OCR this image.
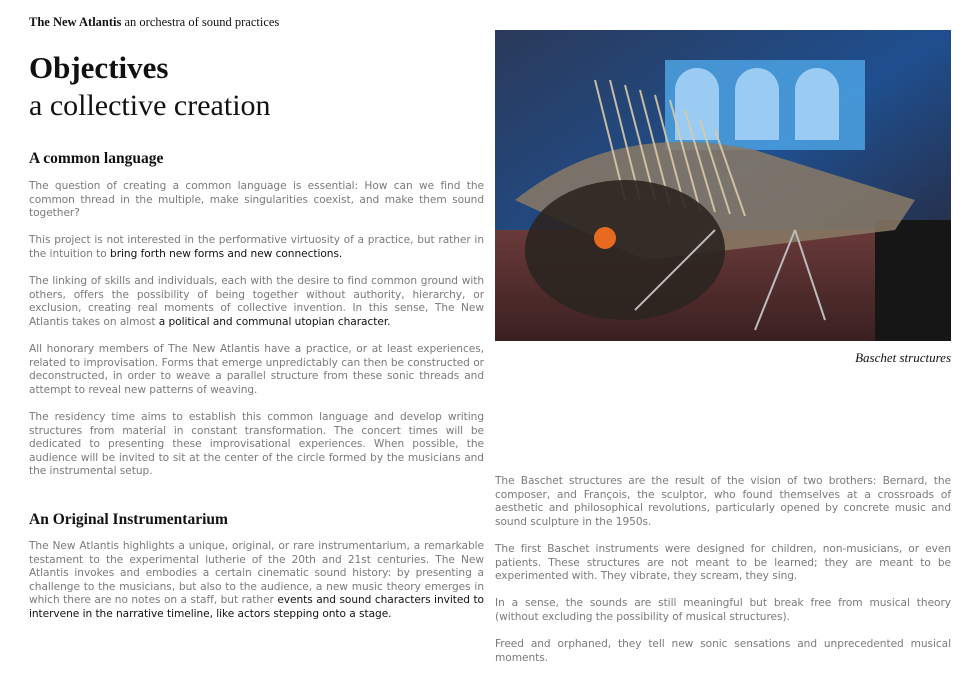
The New Atlantis an orchestra of sound practices
Objectives
a collective creation
A common language

The question of creating a common language is essential: How can we find the common thread in the multiple, make singularities coexist, and make them sound together?

This project is not interested in the performative virtuosity of a practice, but rather in the intuition to bring forth new forms and new connections.

The linking of skills and individuals, each with the desire to find common ground with others, offers the possibility of being together without authority, hierarchy, or exclusion, creating real moments of collective invention. In this sense, The New Atlantis takes on almost a political and communal utopian character.

All honorary members of The New Atlantis have a practice, or at least experiences, related to improvisation. Forms that emerge unpredictably can then be constructed or deconstructed, in order to weave a parallel structure from these sonic threads and attempt to reveal new patterns of weaving.

The residency time aims to establish this common language and develop writing structures from material in constant transformation. The concert times will be dedicated to presenting these improvisational experiences. When possible, the audience will be invited to sit at the center of the circle formed by the musicians and the instrumental setup.

An Original Instrumentarium

The New Atlantis highlights a unique, original, or rare instrumentarium, a remarkable testament to the experimental lutherie of the 20th and 21st centuries. The New Atlantis invokes and embodies a certain cinematic sound history: by presenting a challenge to the musicians, but also to the audience, a new music theory emerges in which there are no notes on a staff, but rather events and sound characters invited to intervene in the narrative timeline, like actors stepping onto a stage.

Baschet structures

The Baschet structures are the result of the vision of two brothers: Bernard, the composer, and François, the sculptor, who found themselves at a crossroads of aesthetic and philosophical revolutions, particularly opened by concrete music and sound sculpture in the 1950s.

The first Baschet instruments were designed for children, non-musicians, or even patients. These structures are not meant to be learned; they are meant to be experimented with. They vibrate, they scream, they sing.

In a sense, the sounds are still meaningful but break free from musical theory (without excluding the possibility of musical structures).

Freed and orphaned, they tell new sonic sensations and unprecedented musical moments.
